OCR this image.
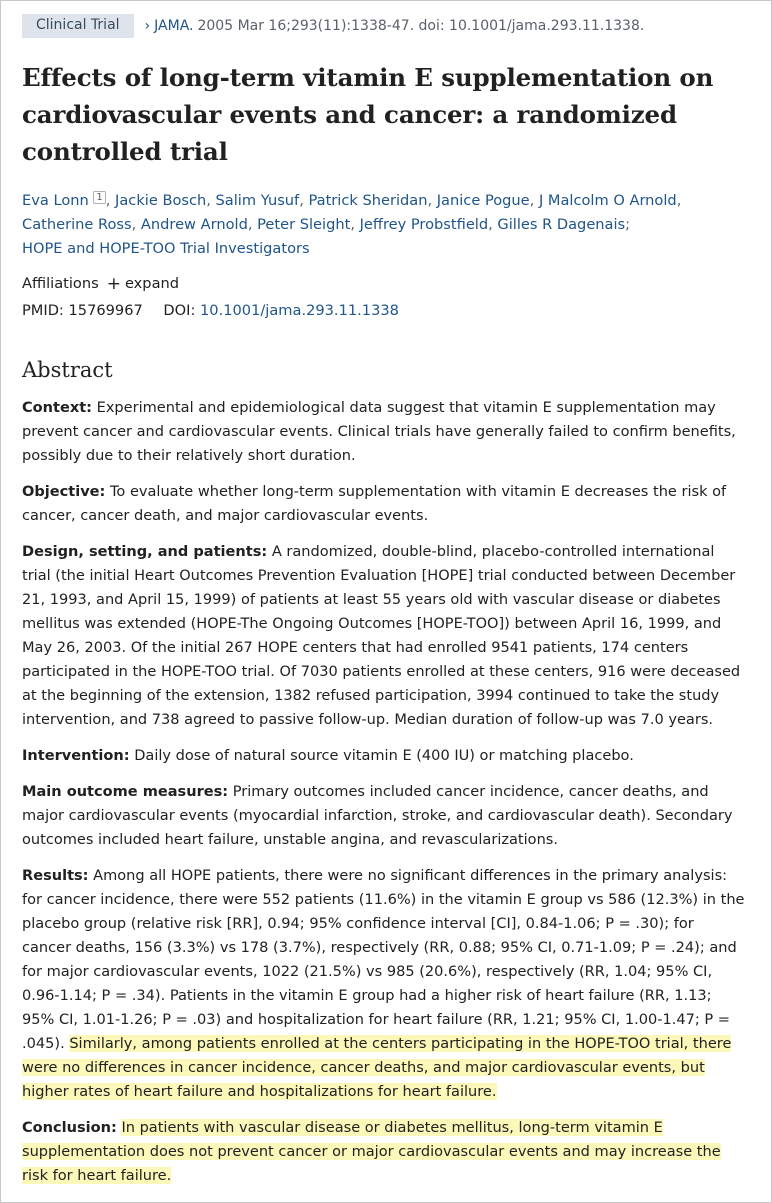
Clinical Trial	› JAMA. 2005 Mar 16;293(11):1338-47. doi: 10.1001/jama.293.11.1338.
Effects of long-term vitamin E supplementation on cardiovascular events and cancer: a randomized controlled trial
Eva Lonn $^1$ , Jackie Bosch, Salim Yusuf, Patrick Sheridan, Janice Pogue, J Malcolm O Arnold,
Catherine Ross, Andrew Arnold, Peter Sleight, Jeffrey Probstfield, Gilles R Dagenais;
HOPE and HOPE-TOO Trial Investigators
Affiliations + expand
PMID: 15769967 DOI: 10.1001/jama.293.11.1338
Abstract

Context: Experimental and epidemiological data suggest that vitamin E supplementation may prevent cancer and cardiovascular events. Clinical trials have generally failed to confirm benefits, possibly due to their relatively short duration.

Objective: To evaluate whether long-term supplementation with vitamin E decreases the risk of cancer, cancer death, and major cardiovascular events.

Design, setting, and patients: A randomized, double-blind, placebo-controlled international trial (the initial Heart Outcomes Prevention Evaluation [HOPE] trial conducted between December 21, 1993, and April 15, 1999) of patients at least 55 years old with vascular disease or diabetes mellitus was extended (HOPE-The Ongoing Outcomes [HOPE-TOO]) between April 16, 1999, and May 26, 2003. Of the initial 267 HOPE centers that had enrolled 9541 patients, 174 centers participated in the HOPE-TOO trial. Of 7030 patients enrolled at these centers, 916 were deceased at the beginning of the extension, 1382 refused participation, 3994 continued to take the study intervention, and 738 agreed to passive follow-up. Median duration of follow-up was 7.0 years.

Intervention: Daily dose of natural source vitamin E (400 IU) or matching placebo.

Main outcome measures: Primary outcomes included cancer incidence, cancer deaths, and major cardiovascular events (myocardial infarction, stroke, and cardiovascular death). Secondary outcomes included heart failure, unstable angina, and revascularizations.

Results: Among all HOPE patients, there were no significant differences in the primary analysis: for cancer incidence, there were 552 patients (11.6%) in the vitamin E group vs 586 (12.3%) in the placebo group (relative risk [RR], 0.94; 95% confidence interval [CI], 0.84-1.06; P = .30); for cancer deaths, 156 (3.3%) vs 178 (3.7%), respectively (RR, 0.88; 95% CI, 0.71-1.09; P = .24); and for major cardiovascular events, 1022 (21.5%) vs 985 (20.6%), respectively (RR, 1.04; 95% CI, 0.96-1.14; P = .34). Patients in the vitamin E group had a higher risk of heart failure (RR, 1.13; 95% CI, 1.01-1.26; P = .03) and hospitalization for heart failure (RR, 1.21; 95% CI, 1.00-1.47; P = .045). Similarly, among patients enrolled at the centers participating in the HOPE-TOO trial, there were no differences in cancer incidence, cancer deaths, and major cardiovascular events, but higher rates of heart failure and hospitalizations for heart failure.

Conclusion: In patients with vascular disease or diabetes mellitus, long-term vitamin E supplementation does not prevent cancer or major cardiovascular events and may increase the risk for heart failure.
